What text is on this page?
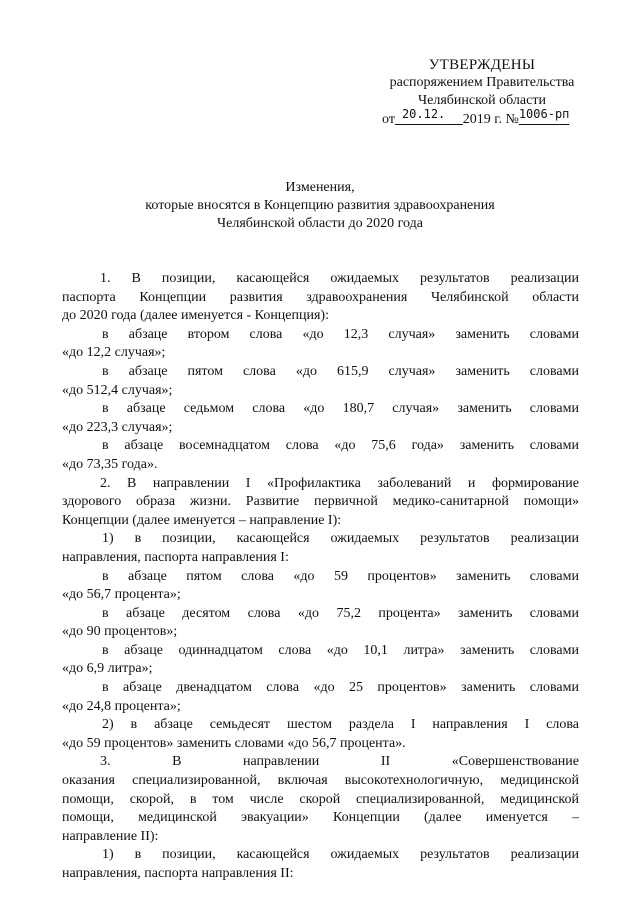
УТВЕРЖДЕНЫ
распоряжением Правительства
Челябинской области
от 20.12. 2019 г. №1006-рп
Изменения,
которые вносятся в Концепцию развития здравоохранения
Челябинской области до 2020 года

1. В позиции, касающейся ожидаемых результатов реализации

паспорта Концепции развития здравоохранения Челябинской области

до 2020 года (далее именуется - Концепция):

в абзаце втором слова «до 12,3 случая» заменить словами

«до 12,2 случая»;

в абзаце пятом слова «до 615,9 случая» заменить словами

«до 512,4 случая»;

в абзаце седьмом слова «до 180,7 случая» заменить словами

«до 223,3 случая»;

в абзаце восемнадцатом слова «до 75,6 года» заменить словами

«до 73,35 года».

2. В направлении I «Профилактика заболеваний и формирование

здорового образа жизни. Развитие первичной медико-санитарной помощи»

Концепции (далее именуется – направление I):

1) в позиции, касающейся ожидаемых результатов реализации

направления, паспорта направления I:

в абзаце пятом слова «до 59 процентов» заменить словами

«до 56,7 процента»;

в абзаце десятом слова «до 75,2 процента» заменить словами

«до 90 процентов»;

в абзаце одиннадцатом слова «до 10,1 литра» заменить словами

«до 6,9 литра»;

в абзаце двенадцатом слова «до 25 процентов» заменить словами

«до 24,8 процента»;

2) в абзаце семьдесят шестом раздела I направления I слова

«до 59 процентов» заменить словами «до 56,7 процента».

3. В направлении II «Совершенствование

оказания специализированной, включая высокотехнологичную, медицинской

помощи, скорой, в том числе скорой специализированной, медицинской

помощи, медицинской эвакуации» Концепции (далее именуется –

направление II):

1) в позиции, касающейся ожидаемых результатов реализации

направления, паспорта направления II:
